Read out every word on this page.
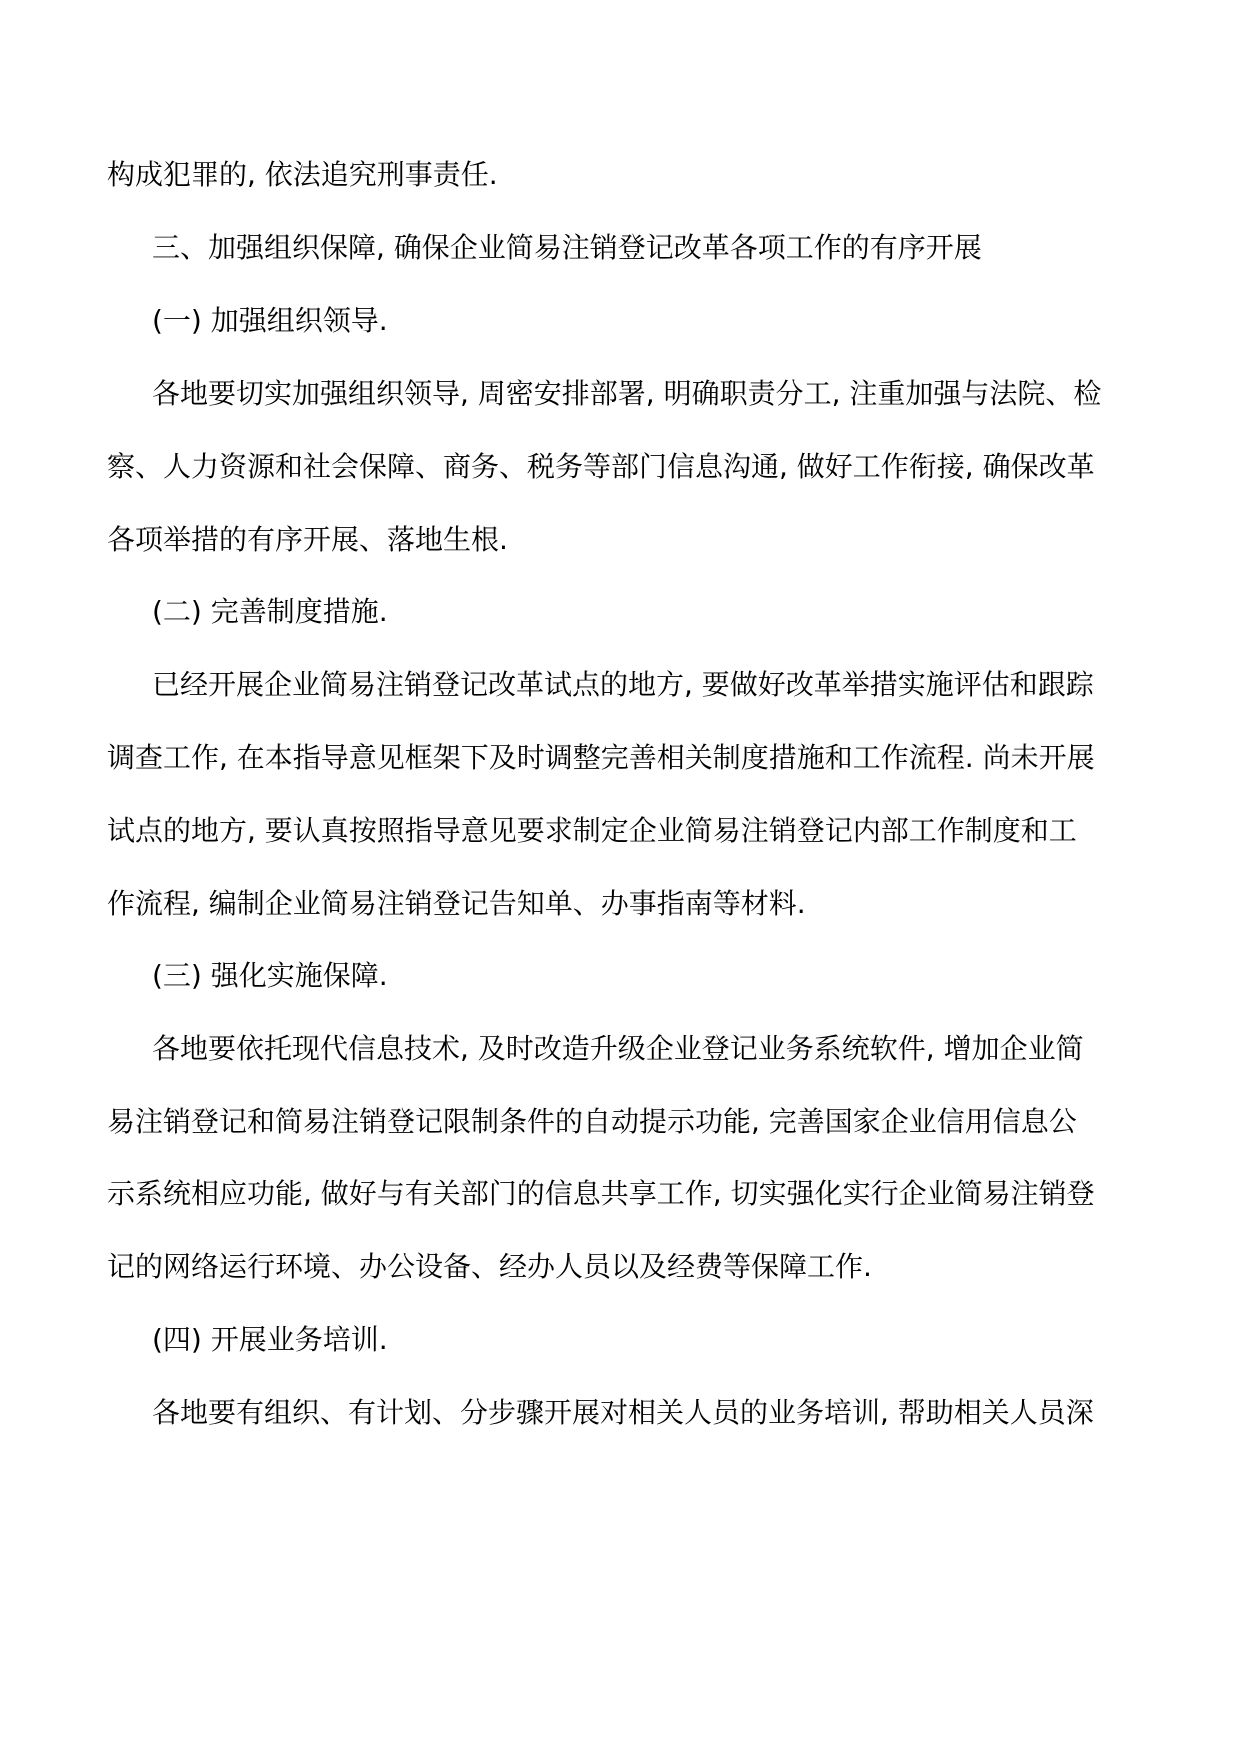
构成犯罪的, 依法追究刑事责任.
三、加强组织保障, 确保企业简易注销登记改革各项工作的有序开展
(一) 加强组织领导.
各地要切实加强组织领导, 周密安排部署, 明确职责分工, 注重加强与法院、检
察、人力资源和社会保障、商务、税务等部门信息沟通, 做好工作衔接, 确保改革
各项举措的有序开展、落地生根.
(二) 完善制度措施.
已经开展企业简易注销登记改革试点的地方, 要做好改革举措实施评估和跟踪
调查工作, 在本指导意见框架下及时调整完善相关制度措施和工作流程. 尚未开展
试点的地方, 要认真按照指导意见要求制定企业简易注销登记内部工作制度和工
作流程, 编制企业简易注销登记告知单、办事指南等材料.
(三) 强化实施保障.
各地要依托现代信息技术, 及时改造升级企业登记业务系统软件, 增加企业简
易注销登记和简易注销登记限制条件的自动提示功能, 完善国家企业信用信息公
示系统相应功能, 做好与有关部门的信息共享工作, 切实强化实行企业简易注销登
记的网络运行环境、办公设备、经办人员以及经费等保障工作.
(四) 开展业务培训.
各地要有组织、有计划、分步骤开展对相关人员的业务培训, 帮助相关人员深
